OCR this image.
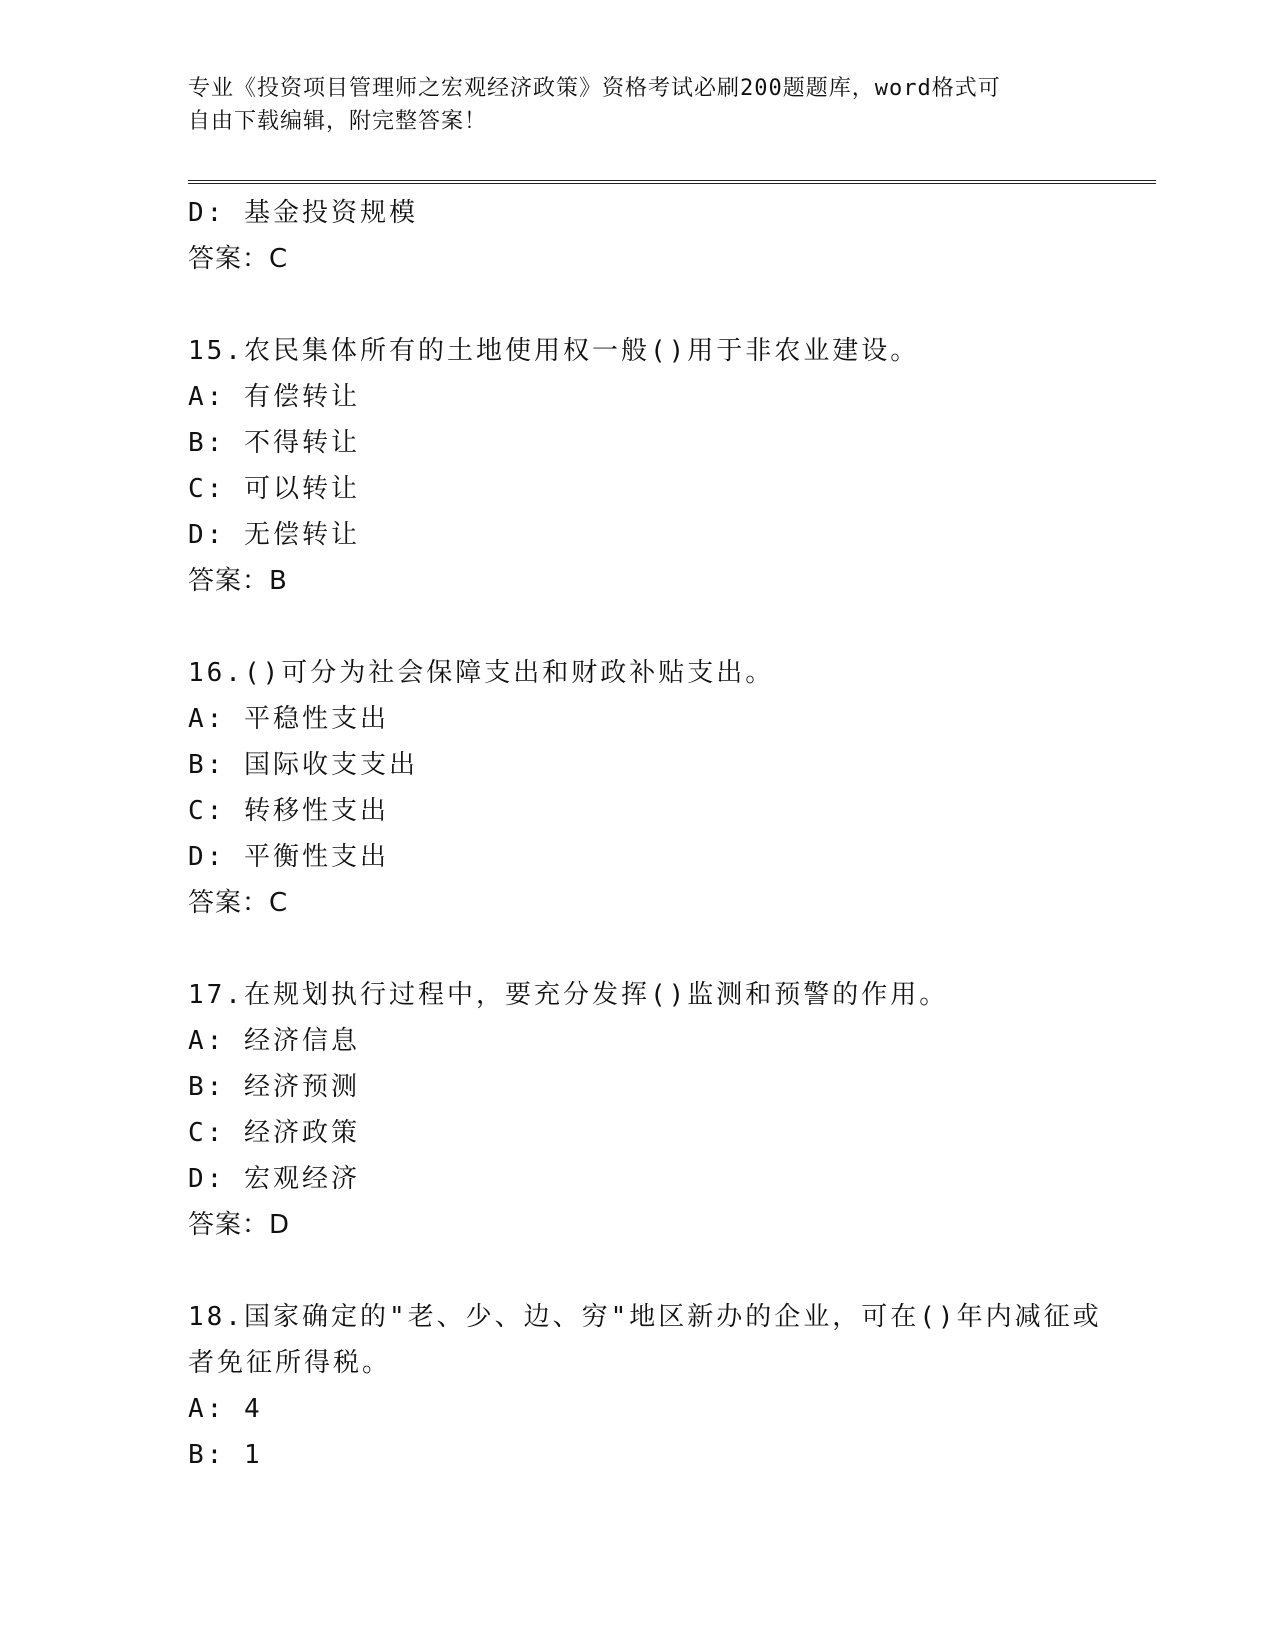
专业《投资项目管理师之宏观经济政策》资格考试必刷200题题库，word格式可
自由下载编辑，附完整答案！
D: 基金投资规模
答案：C
15.农民集体所有的土地使用权一般()用于非农业建设。
A: 有偿转让
B: 不得转让
C: 可以转让
D: 无偿转让
答案：B
16.()可分为社会保障支出和财政补贴支出。
A: 平稳性支出
B: 国际收支支出
C: 转移性支出
D: 平衡性支出
答案：C
17.在规划执行过程中，要充分发挥()监测和预警的作用。
A: 经济信息
B: 经济预测
C: 经济政策
D: 宏观经济
答案：D
18.国家确定的"老、少、边、穷"地区新办的企业，可在()年内减征或
者免征所得税。
A: 4
B: 1
